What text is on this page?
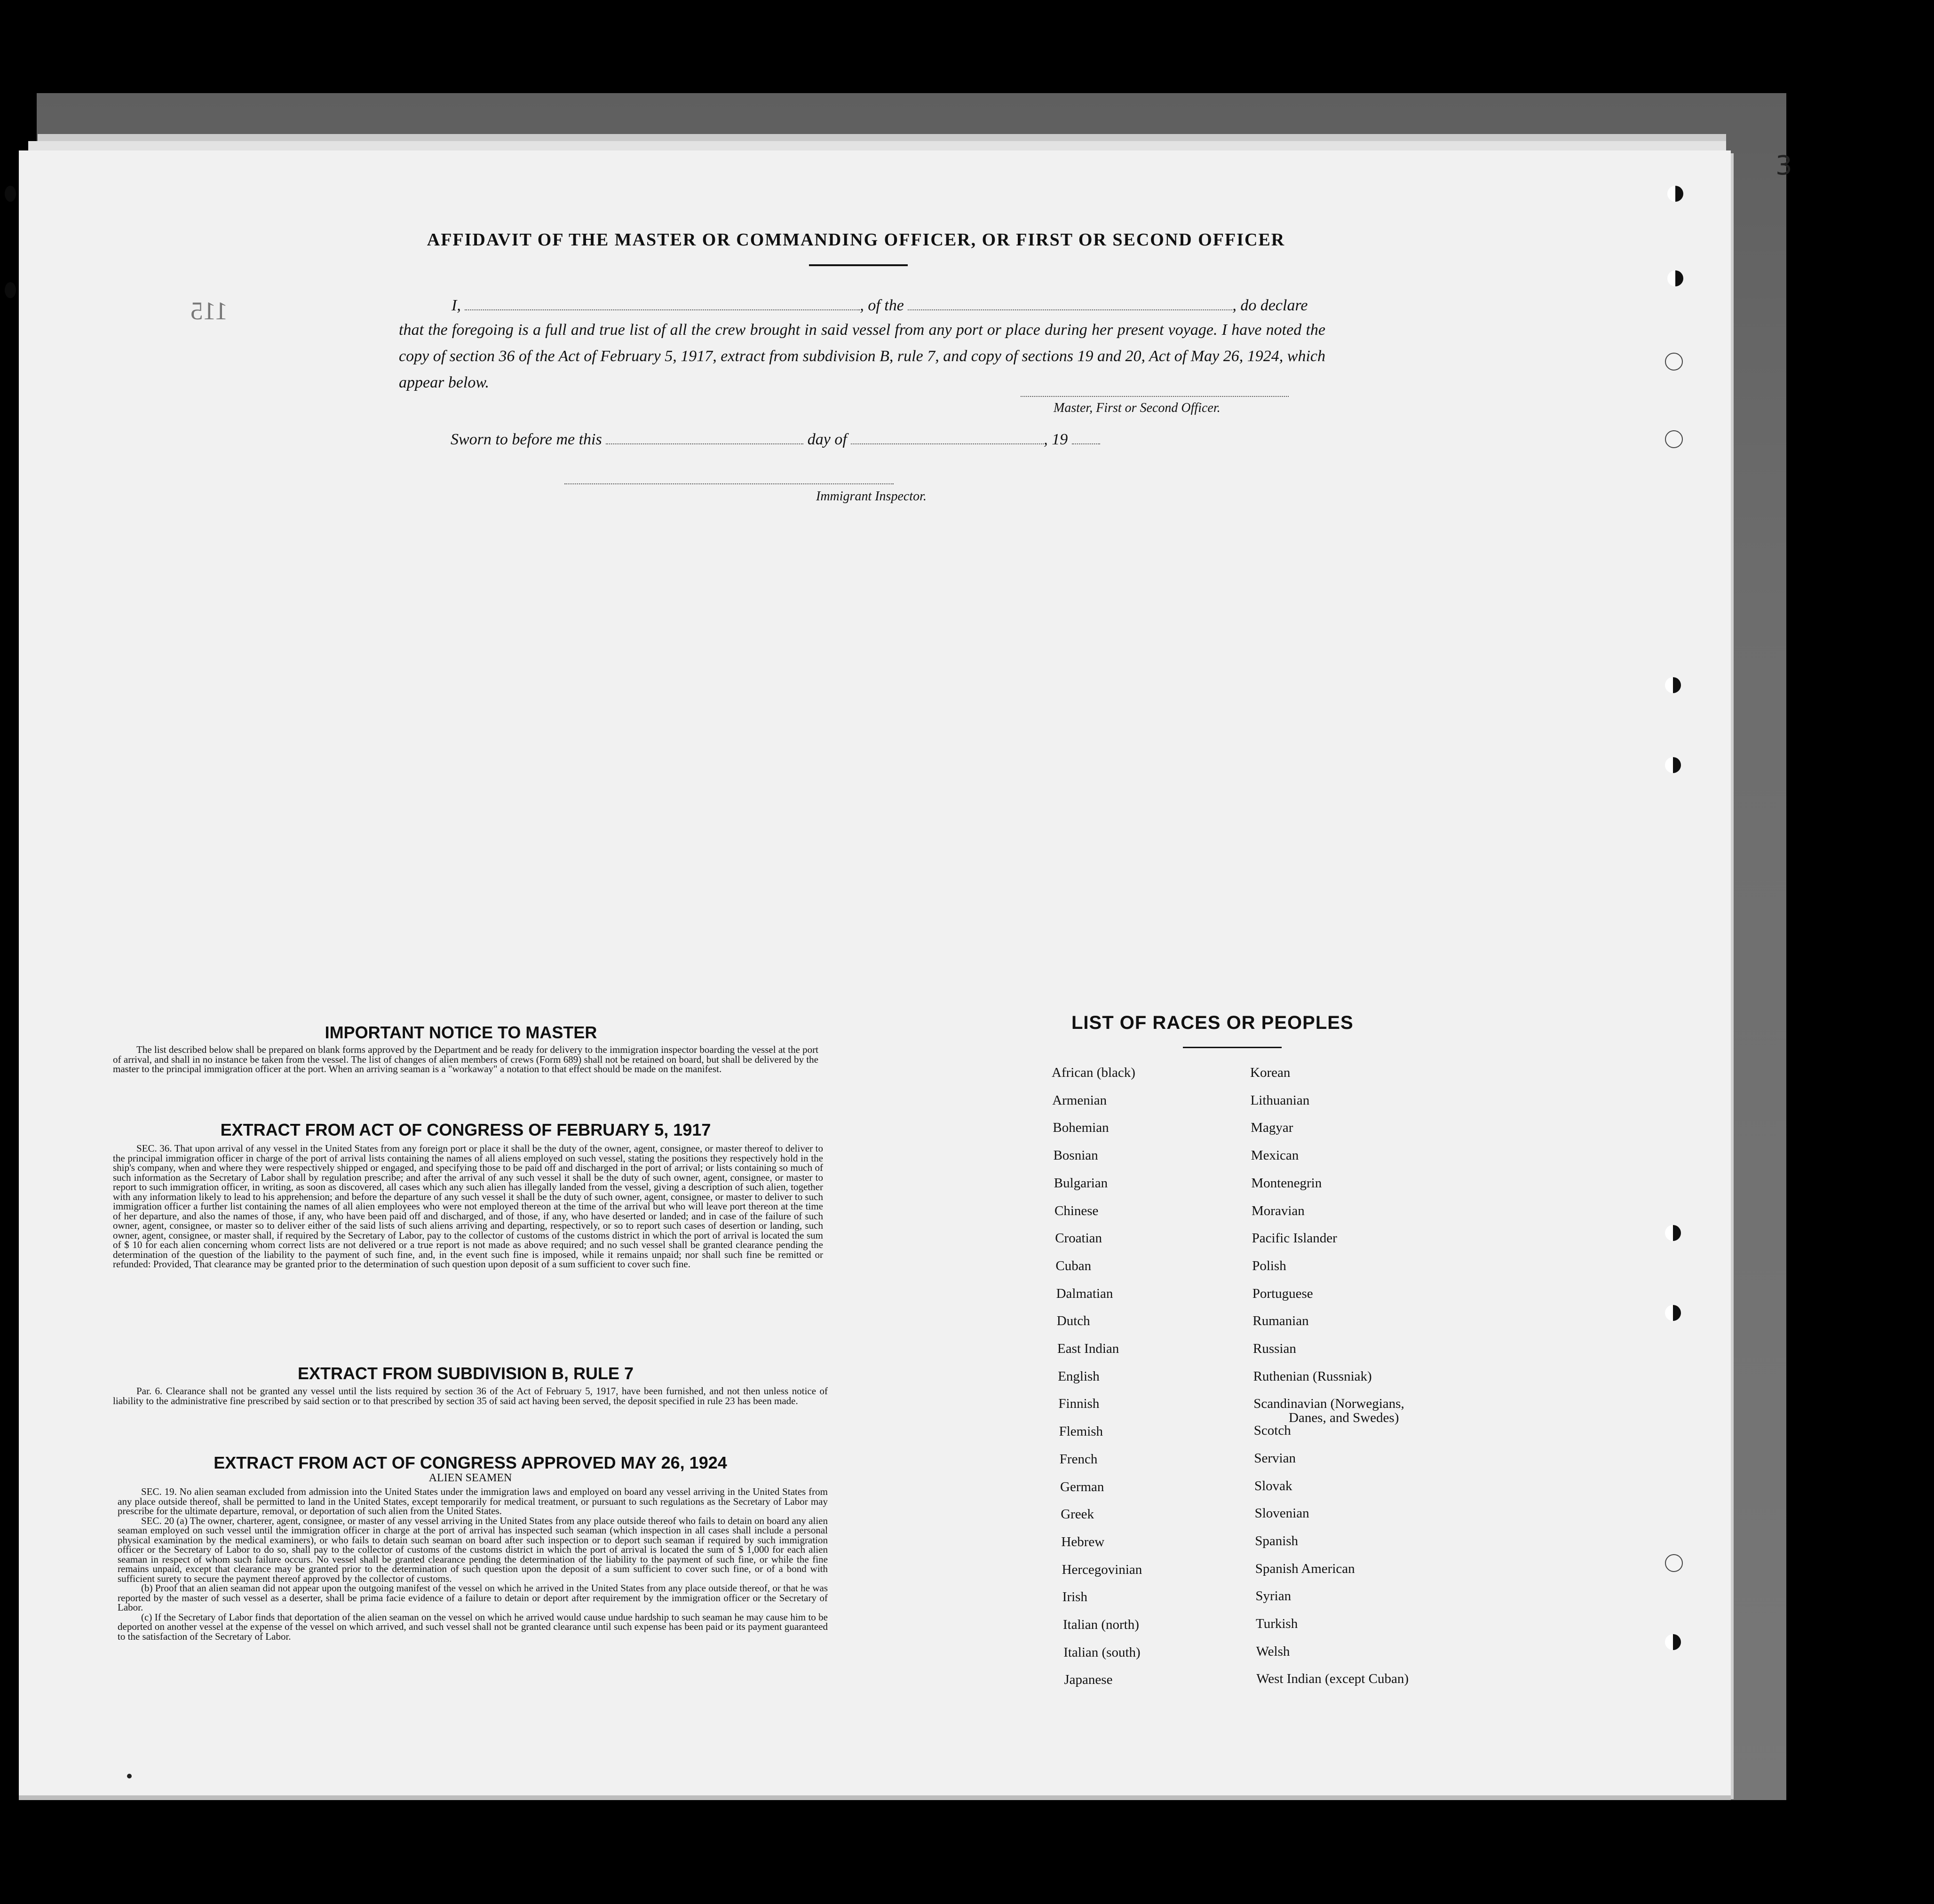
3
115
AFFIDAVIT OF THE MASTER OR COMMANDING OFFICER, OR FIRST OR SECOND OFFICER
I,	, of the	, do declare
that the foregoing is a full and true list of all the crew brought in said vessel from any port or place during her present voyage. I have noted the copy of section 36 of the Act of February 5, 1917, extract from subdivision B, rule 7, and copy of sections 19 and 20, Act of May 26, 1924, which appear below.
Master, First or Second Officer.
Sworn to before me this	day of	, 19
Immigrant Inspector.
IMPORTANT NOTICE TO MASTER
The list described below shall be prepared on blank forms approved by the Department and be ready for delivery to the immigration inspector boarding the vessel at the port of arrival, and shall in no instance be taken from the vessel. The list of changes of alien members of crews (Form 689) shall not be retained on board, but shall be delivered by the master to the principal immigration officer at the port. When an arriving seaman is a "workaway" a notation to that effect should be made on the manifest.
EXTRACT FROM ACT OF CONGRESS OF FEBRUARY 5, 1917
SEC. 36. That upon arrival of any vessel in the United States from any foreign port or place it shall be the duty of the owner, agent, consignee, or master thereof to deliver to the principal immigration officer in charge of the port of arrival lists containing the names of all aliens employed on such vessel, stating the positions they respectively hold in the ship's company, when and where they were respectively shipped or engaged, and specifying those to be paid off and discharged in the port of arrival; or lists containing so much of such information as the Secretary of Labor shall by regulation prescribe; and after the arrival of any such vessel it shall be the duty of such owner, agent, consignee, or master to report to such immigration officer, in writing, as soon as discovered, all cases which any such alien has illegally landed from the vessel, giving a description of such alien, together with any information likely to lead to his apprehension; and before the departure of any such vessel it shall be the duty of such owner, agent, consignee, or master to deliver to such immigration officer a further list containing the names of all alien employees who were not employed thereon at the time of the arrival but who will leave port thereon at the time of her departure, and also the names of those, if any, who have been paid off and discharged, and of those, if any, who have deserted or landed; and in case of the failure of such owner, agent, consignee, or master so to deliver either of the said lists of such aliens arriving and departing, respectively, or so to report such cases of desertion or landing, such owner, agent, consignee, or master shall, if required by the Secretary of Labor, pay to the collector of customs of the customs district in which the port of arrival is located the sum of $ 10 for each alien concerning whom correct lists are not delivered or a true report is not made as above required; and no such vessel shall be granted clearance pending the determination of the question of the liability to the payment of such fine, and, in the event such fine is imposed, while it remains unpaid; nor shall such fine be remitted or refunded: Provided, That clearance may be granted prior to the determination of such question upon deposit of a sum sufficient to cover such fine.
EXTRACT FROM SUBDIVISION B, RULE 7
Par. 6. Clearance shall not be granted any vessel until the lists required by section 36 of the Act of February 5, 1917, have been furnished, and not then unless notice of liability to the administrative fine prescribed by said section or to that prescribed by section 35 of said act having been served, the deposit specified in rule 23 has been made.
EXTRACT FROM ACT OF CONGRESS APPROVED MAY 26, 1924
ALIEN SEAMEN

SEC. 19. No alien seaman excluded from admission into the United States under the immigration laws and employed on board any vessel arriving in the United States from any place outside thereof, shall be permitted to land in the United States, except temporarily for medical treatment, or pursuant to such regulations as the Secretary of Labor may prescribe for the ultimate departure, removal, or deportation of such alien from the United States.

SEC. 20 (a) The owner, charterer, agent, consignee, or master of any vessel arriving in the United States from any place outside thereof who fails to detain on board any alien seaman employed on such vessel until the immigration officer in charge at the port of arrival has inspected such seaman (which inspection in all cases shall include a personal physical examination by the medical examiners), or who fails to detain such seaman on board after such inspection or to deport such seaman if required by such immigration officer or the Secretary of Labor to do so, shall pay to the collector of customs of the customs district in which the port of arrival is located the sum of $ 1,000 for each alien seaman in respect of whom such failure occurs. No vessel shall be granted clearance pending the determination of the liability to the payment of such fine, or while the fine remains unpaid, except that clearance may be granted prior to the determination of such question upon the deposit of a sum sufficient to cover such fine, or of a bond with sufficient surety to secure the payment thereof approved by the collector of customs.

(b) Proof that an alien seaman did not appear upon the outgoing manifest of the vessel on which he arrived in the United States from any place outside thereof, or that he was reported by the master of such vessel as a deserter, shall be prima facie evidence of a failure to detain or deport after requirement by the immigration officer or the Secretary of Labor.

(c) If the Secretary of Labor finds that deportation of the alien seaman on the vessel on which he arrived would cause undue hardship to such seaman he may cause him to be deported on another vessel at the expense of the vessel on which arrived, and such vessel shall not be granted clearance until such expense has been paid or its payment guaranteed to the satisfaction of the Secretary of Labor.

LIST OF RACES OR PEOPLES
African (black)
Armenian
Bohemian
Bosnian
Bulgarian
Chinese
Croatian
Cuban
Dalmatian
Dutch
East Indian
English
Finnish
Flemish
French
German
Greek
Hebrew
Hercegovinian
Irish
Italian (north)
Italian (south)
Japanese
Korean
Lithuanian
Magyar
Mexican
Montenegrin
Moravian
Pacific Islander
Polish
Portuguese
Rumanian
Russian
Ruthenian (Russniak)
Scandinavian (Norwegians,
Danes, and Swedes)
Scotch
Servian
Slovak
Slovenian
Spanish
Spanish American
Syrian
Turkish
Welsh
West Indian (except Cuban)
